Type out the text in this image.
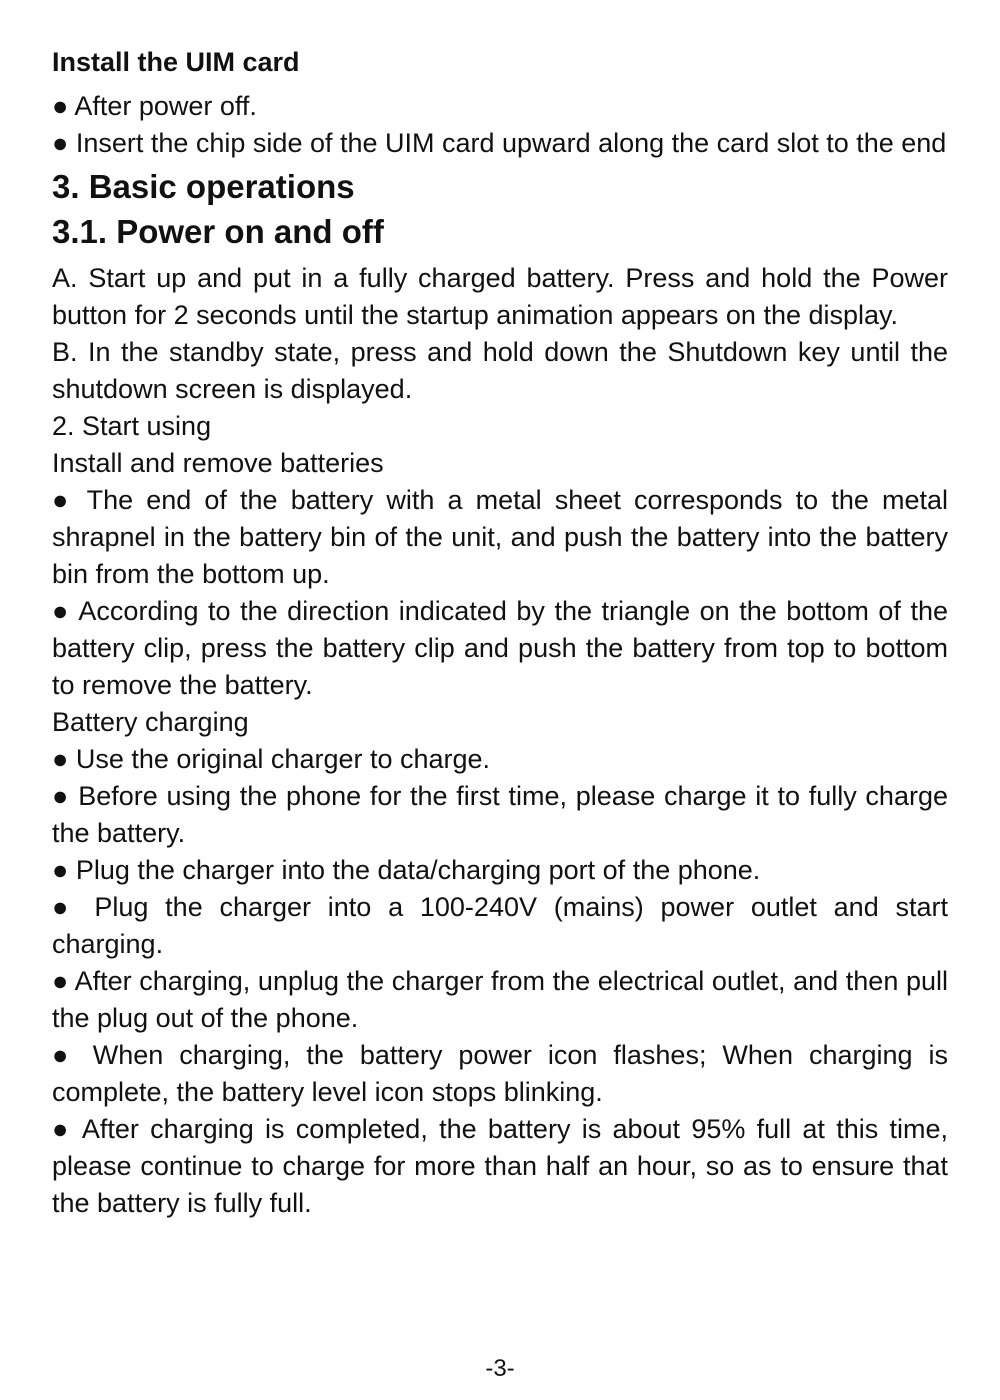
Install the UIM card

● After power off.

● Insert the chip side of the UIM card upward along the card slot to the end

3. Basic operations
3.1. Power on and off

A. Start up and put in a fully charged battery. Press and hold the Power button for 2 seconds until the startup animation appears on the display.

B. In the standby state, press and hold down the Shutdown key until the shutdown screen is displayed.

2. Start using

Install and remove batteries

● The end of the battery with a metal sheet corresponds to the metal shrapnel in the battery bin of the unit, and push the battery into the battery bin from the bottom up.

● According to the direction indicated by the triangle on the bottom of the battery clip, press the battery clip and push the battery from top to bottom to remove the battery.

Battery charging

● Use the original charger to charge.

● Before using the phone for the first time, please charge it to fully charge the battery.

● Plug the charger into the data/charging port of the phone.

● Plug the charger into a 100-240V (mains) power outlet and start charging.

● After charging, unplug the charger from the electrical outlet, and then pull the plug out of the phone.

● When charging, the battery power icon flashes; When charging is complete, the battery level icon stops blinking.

● After charging is completed, the battery is about 95% full at this time, please continue to charge for more than half an hour, so as to ensure that the battery is fully full.

-3-
